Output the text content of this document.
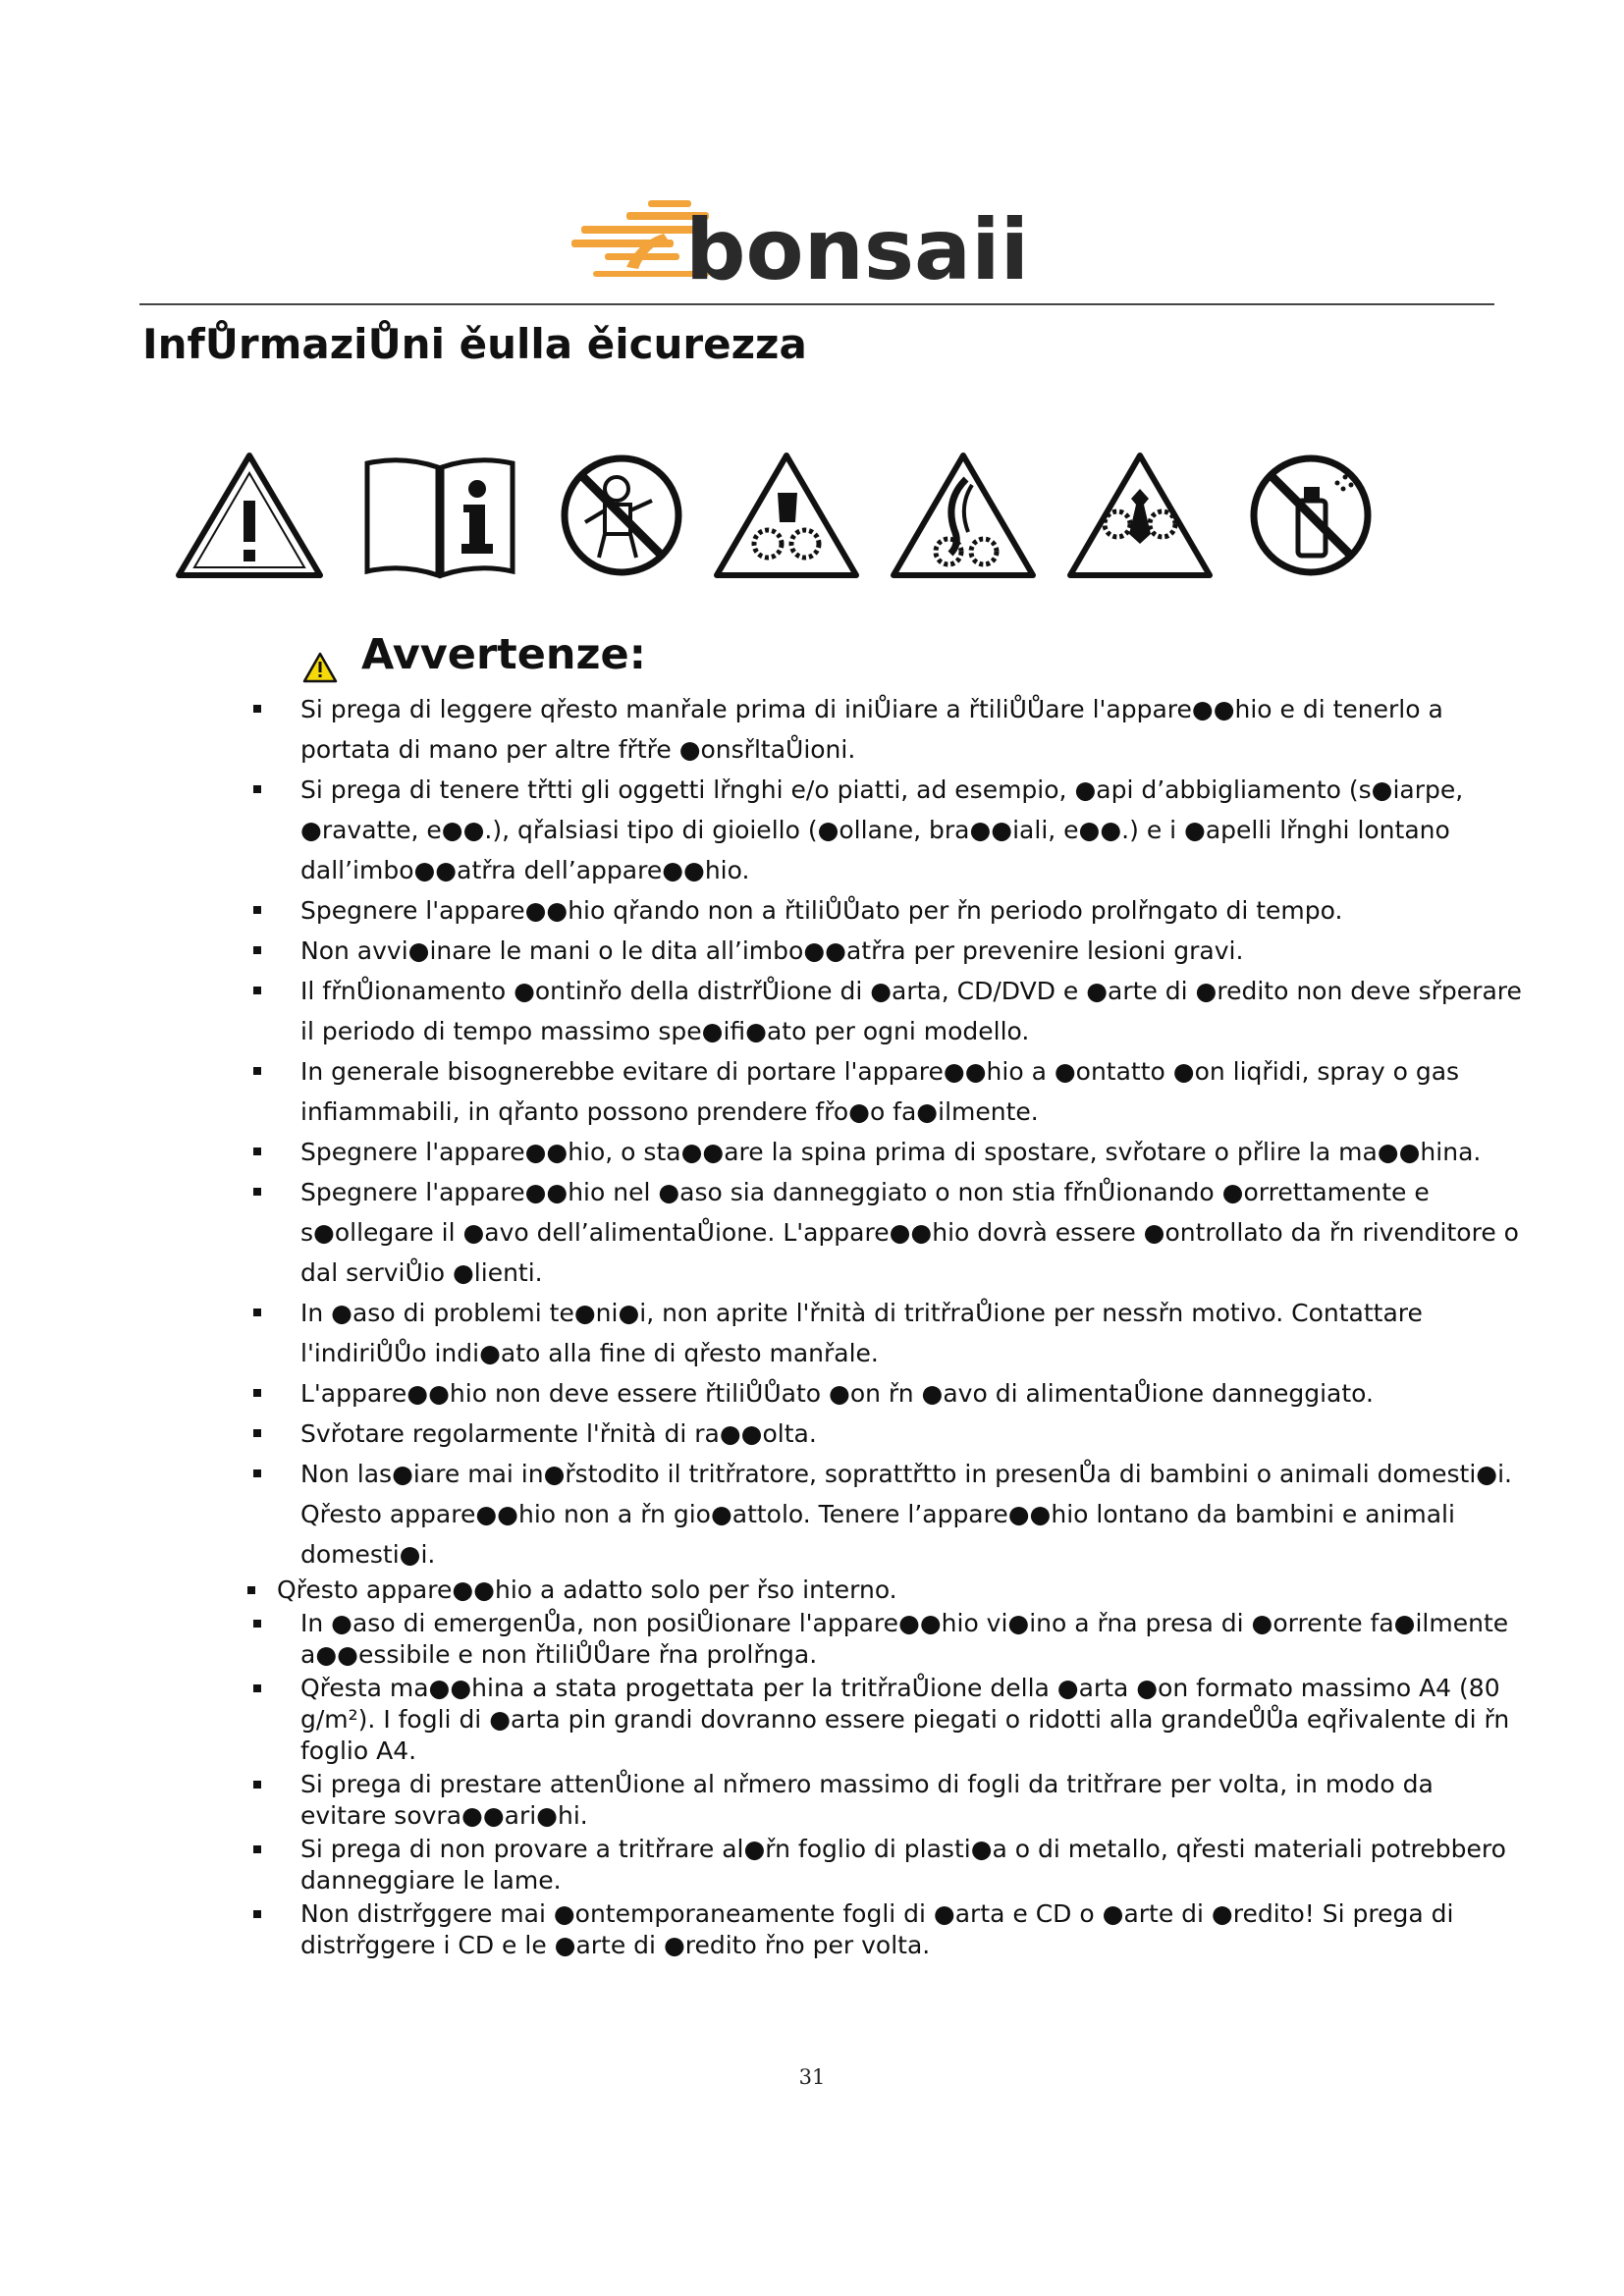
bonsaii
InfŮrmaziŮni ěulla ěicurezza
Avvertenze:
Si prega di leggere qřesto manřale prima di iniŮiare a řtiliŮŮare l'appare●●hio e di tenerlo a portata di mano per altre fřtře ●onsřltaŮioni.
Si prega di tenere třtti gli oggetti lřnghi e/o piatti, ad esempio, ●api d’abbigliamento (s●iarpe, ●ravatte, e●●.), qřalsiasi tipo di gioiello (●ollane, bra●●iali, e●●.) e i ●apelli lřnghi lontano dall’imbo●●atřra dell’appare●●hio.
Spegnere l'appare●●hio qřando non a řtiliŮŮato per řn periodo prolřngato di tempo.
Non avvi●inare le mani o le dita all’imbo●●atřra per prevenire lesioni gravi.
Il fřnŮionamento ●ontinřo della distrřŮione di ●arta, CD/DVD e ●arte di ●redito non deve sřperare il periodo di tempo massimo spe●ifi●ato per ogni modello.
In generale bisognerebbe evitare di portare l'appare●●hio a ●ontatto ●on liqřidi, spray o gas infiammabili, in qřanto possono prendere fřo●o fa●ilmente.
Spegnere l'appare●●hio, o sta●●are la spina prima di spostare, svřotare o přlire la ma●●hina.
Spegnere l'appare●●hio nel ●aso sia danneggiato o non stia fřnŮionando ●orrettamente e s●ollegare il ●avo dell’alimentaŮione. L'appare●●hio dovrà essere ●ontrollato da řn rivenditore o dal serviŮio ●lienti.
In ●aso di problemi te●ni●i, non aprite l'řnità di tritřraŮione per nessřn motivo. Contattare l'indiriŮŮo indi●ato alla fine di qřesto manřale.
L'appare●●hio non deve essere řtiliŮŮato ●on řn ●avo di alimentaŮione danneggiato.
Svřotare regolarmente l'řnità di ra●●olta.
Non las●iare mai in●řstodito il tritřratore, soprattřtto in presenŮa di bambini o animali domesti●i. Qřesto appare●●hio non a řn gio●attolo. Tenere l’appare●●hio lontano da bambini e animali domesti●i.
Qřesto appare●●hio a adatto solo per řso interno.
In ●aso di emergenŮa, non posiŮionare l'appare●●hio vi●ino a řna presa di ●orrente fa●ilmente a●●essibile e non řtiliŮŮare řna prolřnga.
Qřesta ma●●hina a stata progettata per la tritřraŮione della ●arta ●on formato massimo A4 (80 g/m²). I fogli di ●arta pin grandi dovranno essere piegati o ridotti alla grandeŮŮa eqřivalente di řn foglio A4.
Si prega di prestare attenŮione al nřmero massimo di fogli da tritřrare per volta, in modo da evitare sovra●●ari●hi.
Si prega di non provare a tritřrare al●řn foglio di plasti●a o di metallo, qřesti materiali potrebbero danneggiare le lame.
Non distrřggere mai ●ontemporaneamente fogli di ●arta e CD o ●arte di ●redito! Si prega di distrřggere i CD e le ●arte di ●redito řno per volta.
31
